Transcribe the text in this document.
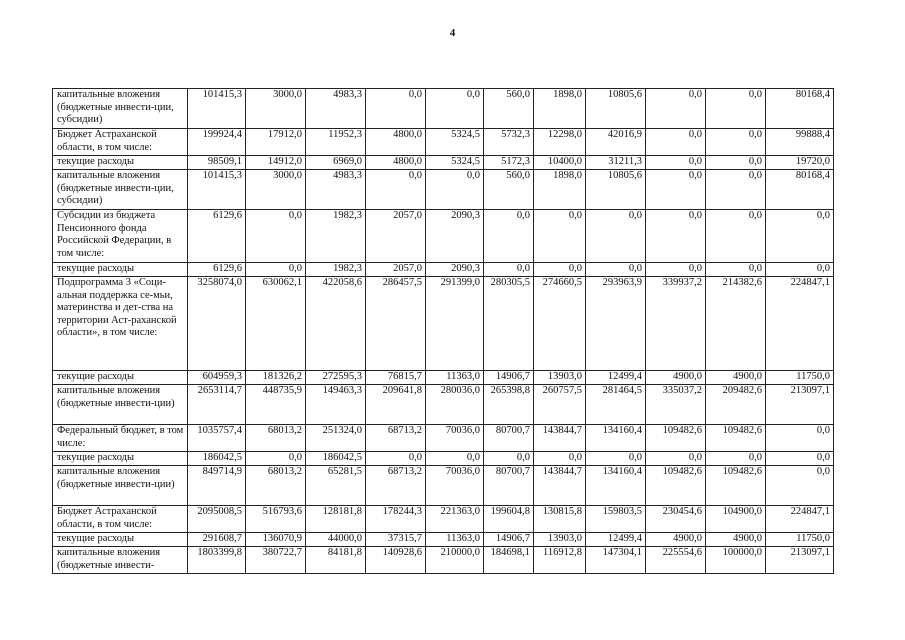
4
капитальные вложения (бюджетные инвести-ции, субсидии)	101415,3	3000,0	4983,3	0,0	0,0	560,0	1898,0	10805,6	0,0	0,0	80168,4
Бюджет Астраханской области, в том числе:	199924,4	17912,0	11952,3	4800,0	5324,5	5732,3	12298,0	42016,9	0,0	0,0	99888,4
текущие расходы	98509,1	14912,0	6969,0	4800,0	5324,5	5172,3	10400,0	31211,3	0,0	0,0	19720,0
капитальные вложения (бюджетные инвести-ции, субсидии)	101415,3	3000,0	4983,3	0,0	0,0	560,0	1898,0	10805,6	0,0	0,0	80168,4
Субсидии из бюджета Пенсионного фонда Российской Федерации, в том числе:	6129,6	0,0	1982,3	2057,0	2090,3	0,0	0,0	0,0	0,0	0,0	0,0
текущие расходы	6129,6	0,0	1982,3	2057,0	2090,3	0,0	0,0	0,0	0,0	0,0	0,0
Подпрограмма 3 «Соци-альная поддержка се-мьи, материнства и дет-ства на территории Аст-раханской области», в том числе:	3258074,0	630062,1	422058,6	286457,5	291399,0	280305,5	274660,5	293963,9	339937,2	214382,6	224847,1
текущие расходы	604959,3	181326,2	272595,3	76815,7	11363,0	14906,7	13903,0	12499,4	4900,0	4900,0	11750,0
капитальные вложения (бюджетные инвести-ции)	2653114,7	448735,9	149463,3	209641,8	280036,0	265398,8	260757,5	281464,5	335037,2	209482,6	213097,1
Федеральный бюджет, в том числе:	1035757,4	68013,2	251324,0	68713,2	70036,0	80700,7	143844,7	134160,4	109482,6	109482,6	0,0
текущие расходы	186042,5	0,0	186042,5	0,0	0,0	0,0	0,0	0,0	0,0	0,0	0,0
капитальные вложения (бюджетные инвести-ции)	849714,9	68013,2	65281,5	68713,2	70036,0	80700,7	143844,7	134160,4	109482,6	109482,6	0,0
Бюджет Астраханской области, в том числе:	2095008,5	516793,6	128181,8	178244,3	221363,0	199604,8	130815,8	159803,5	230454,6	104900,0	224847,1
текущие расходы	291608,7	136070,9	44000,0	37315,7	11363,0	14906,7	13903,0	12499,4	4900,0	4900,0	11750,0
капитальные вложения (бюджетные инвести-	1803399,8	380722,7	84181,8	140928,6	210000,0	184698,1	116912,8	147304,1	225554,6	100000,0	213097,1
